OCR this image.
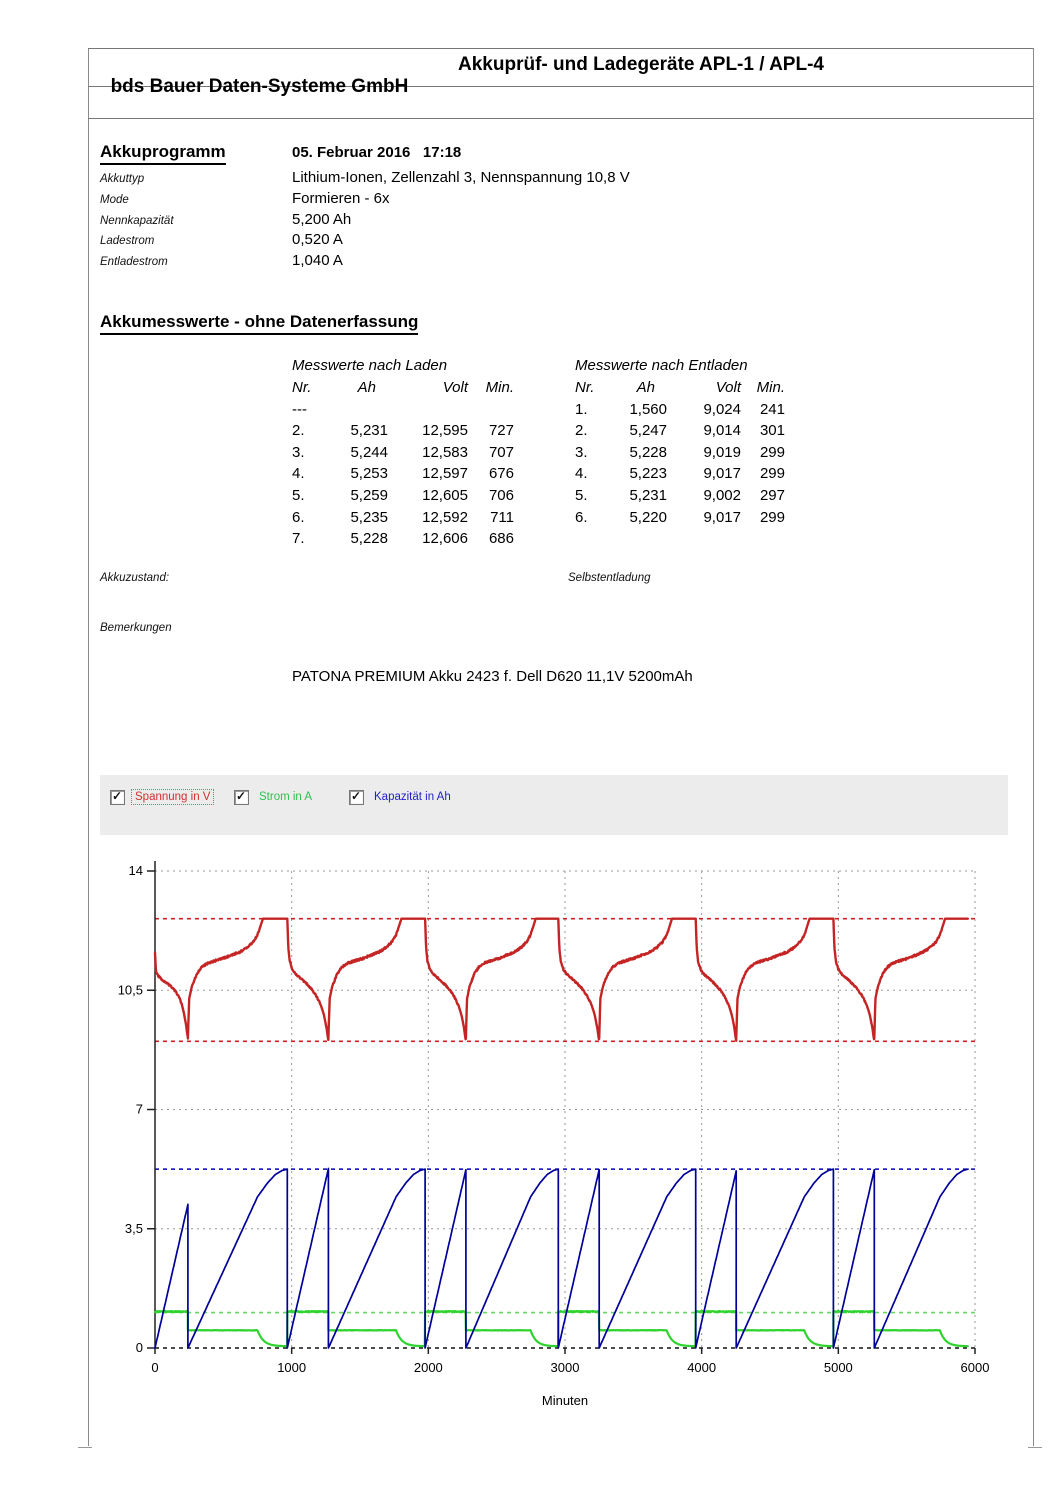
bds Bauer Daten-Systeme GmbH

Akkuprüf- und Ladegeräte APL-1 / APL-4

Akkuprogramm	05. Februar 2016   17:18
Akkuttyp	Lithium-Ionen, Zellenzahl 3, Nennspannung 10,8 V
Mode	Formieren - 6x
Nennkapazität	5,200 Ah
Ladestrom	0,520 A
Entladestrom	1,040 A
Akkumesswerte - ohne Datenerfassung
Messwerte nach Laden
Nr.	Ah	Volt	Min.
---
2.	5,231	12,595	727
3.	5,244	12,583	707
4.	5,253	12,597	676
5.	5,259	12,605	706
6.	5,235	12,592	711
7.	5,228	12,606	686
Messwerte nach Entladen
Nr.	Ah	Volt	Min.
1.	1,560	9,024	241
2.	5,247	9,014	301
3.	5,228	9,019	299
4.	5,223	9,017	299
5.	5,231	9,002	297
6.	5,220	9,017	299
Akkuzustand:	Selbstentladung
Bemerkungen
PATONA PREMIUM Akku 2423 f. Dell D620 11,1V 5200mAh
✓	Spannung in V	✓	Strom in A	✓	Kapazität in Ah
0
3,5
7
10,5
14
0	1000	2000	3000	4000	5000	6000
Minuten
